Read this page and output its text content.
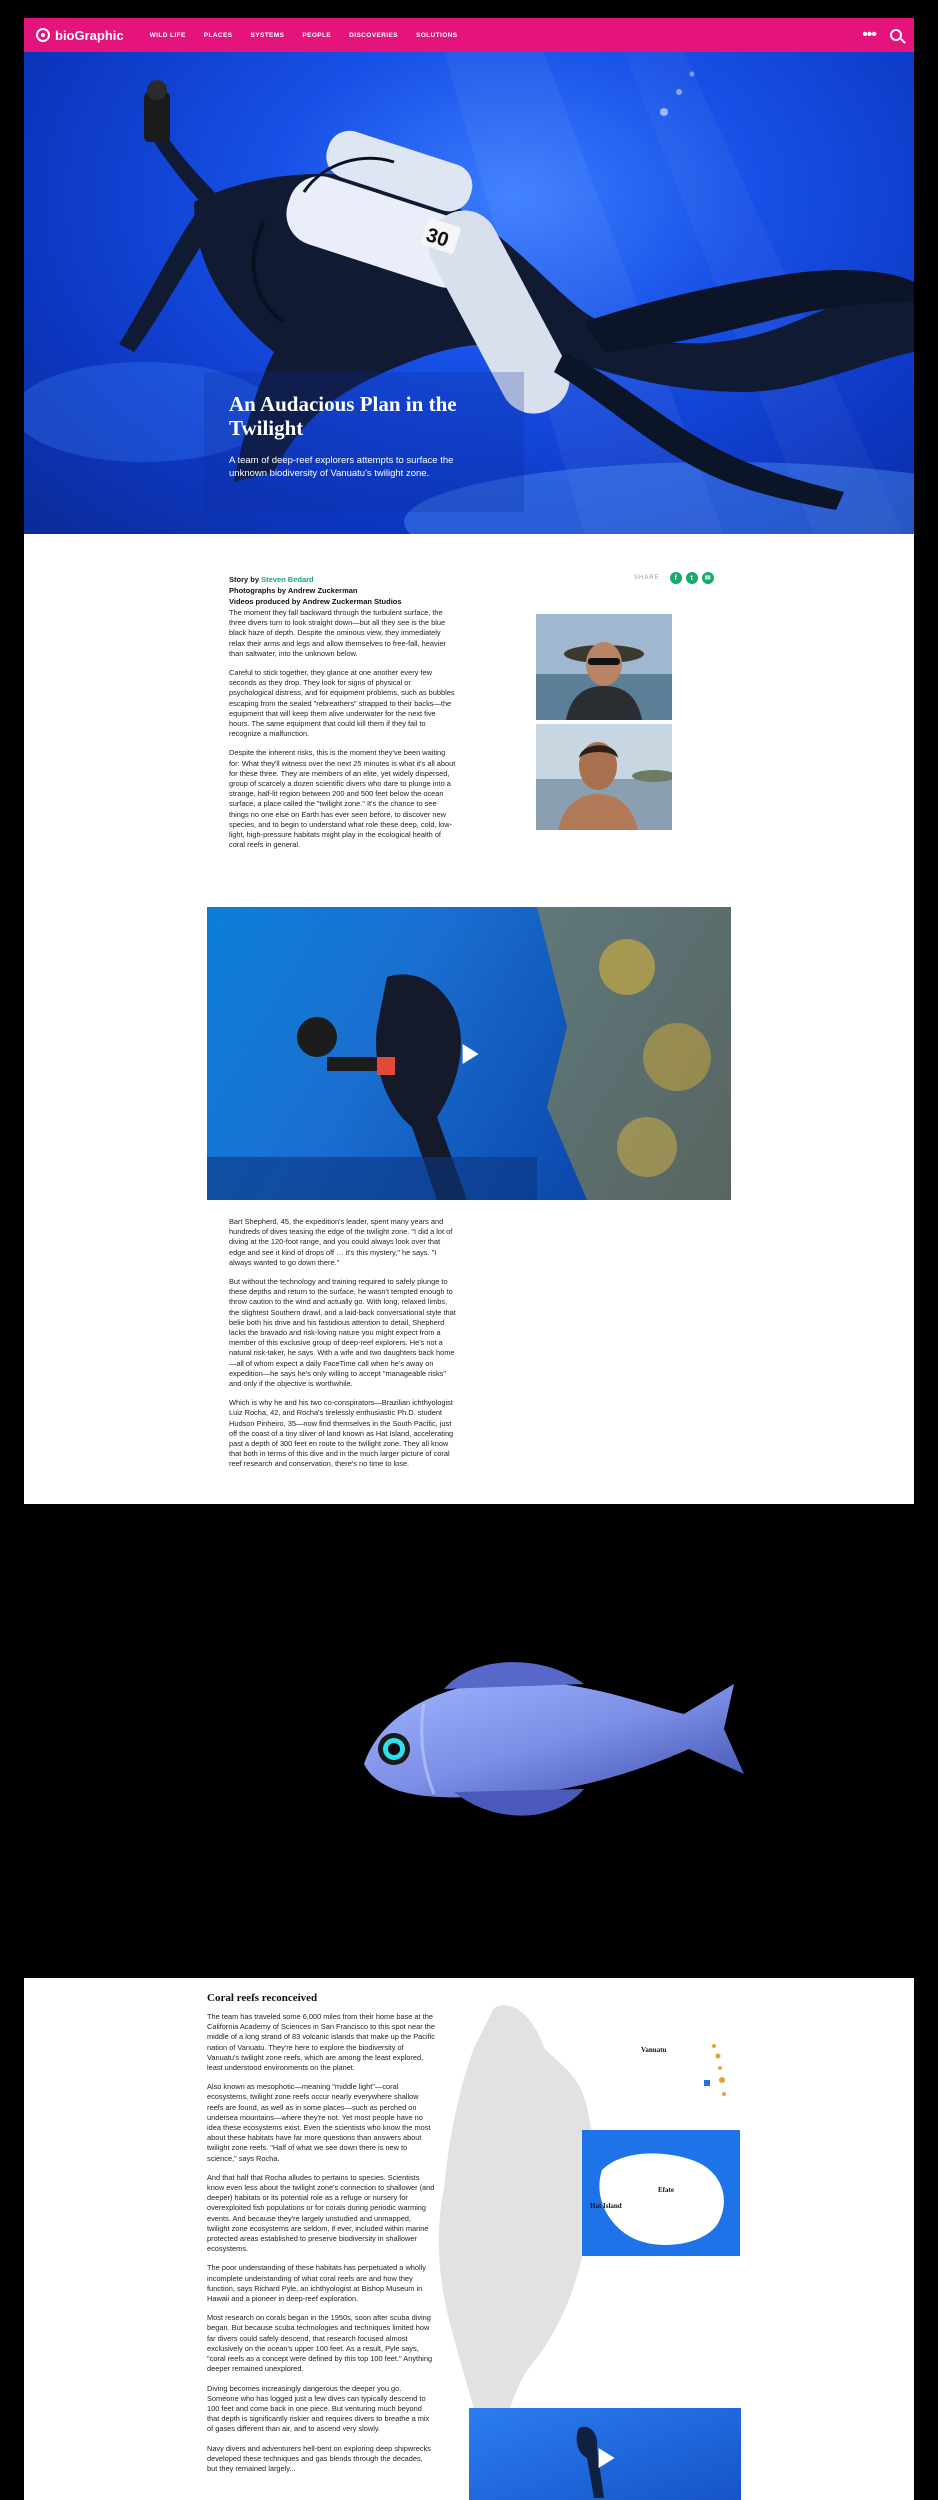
bioGraphic	WILD LIFE	PLACES	SYSTEMS	PEOPLE	DISCOVERIES	SOLUTIONS	•••
30
An Audacious Plan in the Twilight

A team of deep-reef explorers attempts to surface the unknown biodiversity of Vanuatu's twilight zone.

Story by Steven Bedard
Photographs by Andrew Zuckerman
Videos produced by Andrew Zuckerman Studios
SHARE	f	t	✉

The moment they fall backward through the turbulent surface, the three divers turn to look straight down—but all they see is the blue black haze of depth. Despite the ominous view, they immediately relax their arms and legs and allow themselves to free-fall, heavier than saltwater, into the unknown below.

Careful to stick together, they glance at one another every few seconds as they drop. They look for signs of physical or psychological distress, and for equipment problems, such as bubbles escaping from the sealed "rebreathers" strapped to their backs—the equipment that will keep them alive underwater for the next five hours. The same equipment that could kill them if they fail to recognize a malfunction.

Despite the inherent risks, this is the moment they've been waiting for: What they'll witness over the next 25 minutes is what it's all about for these three. They are members of an elite, yet widely dispersed, group of scarcely a dozen scientific divers who dare to plunge into a strange, half-lit region between 200 and 500 feet below the ocean surface, a place called the "twilight zone." It's the chance to see things no one else on Earth has ever seen before, to discover new species, and to begin to understand what role these deep, cold, low-light, high-pressure habitats might play in the ecological health of coral reefs in general.

Bart Shepherd, 45, the expedition's leader, spent many years and hundreds of dives teasing the edge of the twilight zone. "I did a lot of diving at the 120-foot range, and you could always look over that edge and see it kind of drops off … it's this mystery," he says. "I always wanted to go down there."

But without the technology and training required to safely plunge to these depths and return to the surface, he wasn't tempted enough to throw caution to the wind and actually go. With long, relaxed limbs, the slightest Southern drawl, and a laid-back conversational style that belie both his drive and his fastidious attention to detail, Shepherd lacks the bravado and risk-loving nature you might expect from a member of this exclusive group of deep-reef explorers. He's not a natural risk-taker, he says. With a wife and two daughters back home—all of whom expect a daily FaceTime call when he's away on expedition—he says he's only willing to accept "manageable risks" and only if the objective is worthwhile.

Which is why he and his two co-conspirators—Brazilian ichthyologist Luiz Rocha, 42, and Rocha's tirelessly enthusiastic Ph.D. student Hudson Pinheiro, 35—now find themselves in the South Pacific, just off the coast of a tiny sliver of land known as Hat Island, accelerating past a depth of 300 feet en route to the twilight zone. They all know that both in terms of this dive and in the much larger picture of coral reef research and conservation, there's no time to lose.

Coral reefs reconceived
Vanuatu
Hat Island
Efate

The team has traveled some 6,000 miles from their home base at the California Academy of Sciences in San Francisco to this spot near the middle of a long strand of 83 volcanic islands that make up the Pacific nation of Vanuatu. They're here to explore the biodiversity of Vanuatu's twilight zone reefs, which are among the least explored, least understood environments on the planet.

Also known as mesophotic—meaning "middle light"—coral ecosystems, twilight zone reefs occur nearly everywhere shallow reefs are found, as well as in some places—such as perched on undersea mountains—where they're not. Yet most people have no idea these ecosystems exist. Even the scientists who know the most about these habitats have far more questions than answers about twilight zone reefs. "Half of what we see down there is new to science," says Rocha.

And that half that Rocha alludes to pertains to species. Scientists know even less about the twilight zone's connection to shallower (and deeper) habitats or its potential role as a refuge or nursery for overexploited fish populations or for corals during periodic warming events. And because they're largely unstudied and unmapped, twilight zone ecosystems are seldom, if ever, included within marine protected areas established to preserve biodiversity in shallower ecosystems.

The poor understanding of these habitats has perpetuated a wholly incomplete understanding of what coral reefs are and how they function, says Richard Pyle, an ichthyologist at Bishop Museum in Hawaii and a pioneer in deep-reef exploration.

Most research on corals began in the 1950s, soon after scuba diving began. But because scuba technologies and techniques limited how far divers could safely descend, that research focused almost exclusively on the ocean's upper 100 feet. As a result, Pyle says, "coral reefs as a concept were defined by this top 100 feet." Anything deeper remained unexplored.

Diving becomes increasingly dangerous the deeper you go. Someone who has logged just a few dives can typically descend to 100 feet and come back in one piece. But venturing much beyond that depth is significantly riskier and requires divers to breathe a mix of gases different than air, and to ascend very slowly.

Navy divers and adventurers hell-bent on exploring deep shipwrecks developed these techniques and gas blends through the decades, but they remained largely...
